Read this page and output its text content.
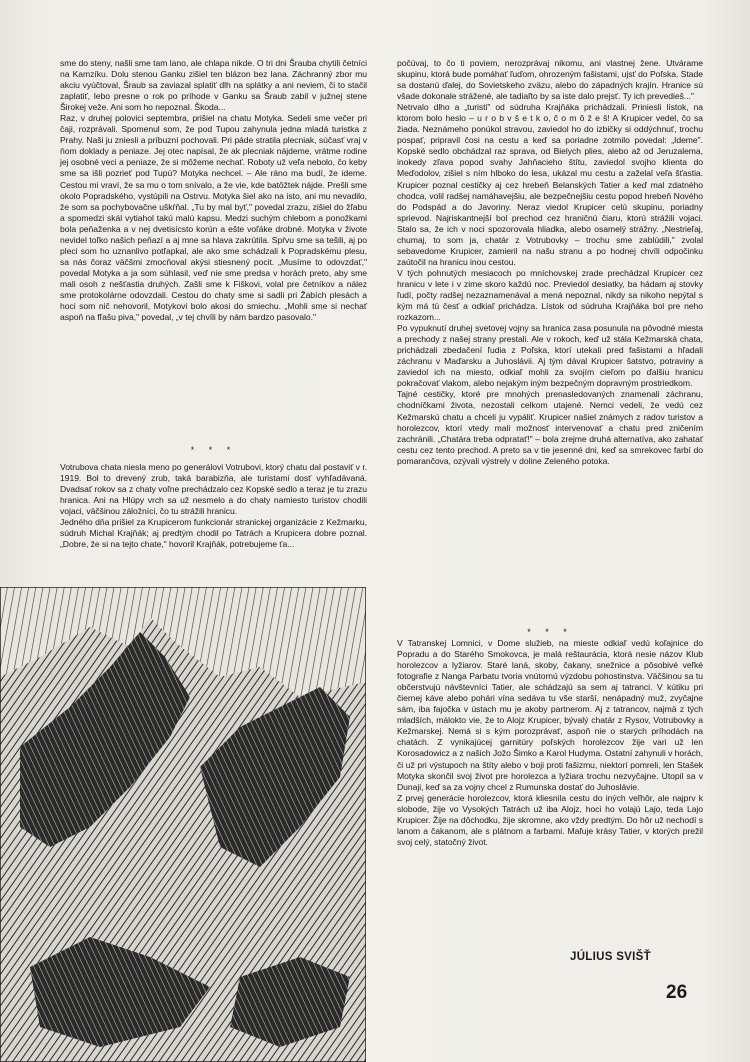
sme do steny, našli sme tam lano, ale chlapa nikde. O tri dni Šrauba chytili četníci na Kamzíku. Dolu stenou Ganku zišiel ten blázon bez lana. Záchranný zbor mu akciu vyúčtoval, Šraub sa zaviazal splatiť dlh na splátky a ani neviem, či to stačil zaplatiť, lebo presne o rok po príhode v Ganku sa Šraub zabil v južnej stene Širokej veže. Ani som ho nepoznal. Škoda...

Raz, v druhej polovici septembra, prišiel na chatu Motyka. Sedeli sme večer pri čaji, rozprávali. Spomenul som, že pod Tupou zahynula jedna mladá turistka z Prahy. Naši ju zniesli a príbuzní pochovali. Pri páde stratila plecniak, súčasť vraj v ňom doklady a peniaze. Jej otec napísal, že ak plecniak nájdeme, vrátme rodine jej osobné veci a peniaze, že si môžeme nechať. Roboty už veľa nebolo, čo keby sme sa išli pozrieť pod Tupú? Motyka nechcel. – Ale ráno ma budí, že ideme. Cestou mi vraví, že sa mu o tom snívalo, a že vie, kde batôžtek nájde. Prešli sme okolo Popradského, vystúpili na Ostrvu. Motyka šiel ako na isto, ani mu nevadilo, že som sa pochybovačne uškŕňal. „Tu by mal byť," povedal zrazu, zišiel do žľabu a spomedzi skál vytiahol takú malú kapsu. Medzi suchým chlebom a ponožkami bola peňaženka a v nej dvetisícsto korún a ešte voľáke drobné. Motyka v živote nevidel toľko našich peňazí a aj mne sa hlava zakrútila. Spŕvu sme sa tešili, aj po pleci som ho uznanlivo potľapkal, ale ako sme schádzali k Popradskému plesu, sa nás čoraz väčšmi zmocňoval akýsi stiesnený pocit. „Musíme to odovzdať," povedal Motyka a ja som súhlasil, veď nie sme predsa v horách preto, aby sme mali osoh z nešťastia druhých. Zašli sme k Fiškovi, volal pre četníkov a nález sme protokolárne odovzdali. Cestou do chaty sme si sadli pri Žabích plesách a hoci som nič nehovoril, Motykovi bolo akosi do smiechu. „Mohli sme si nechať aspoň na fľašu piva," povedal, „v tej chvíli by nám bardzo pasovalo."

* * *

Votrubova chata niesla meno po generálovi Votrubovi, ktorý chatu dal postaviť v r. 1919. Bol to drevený zrub, taká barabizňa, ale turistami dosť vyhľadávaná. Dvadsať rokov sa z chaty voľne prechádzalo cez Kopské sedlo a teraz je tu zrazu hranica. Ani na Hlúpy vrch sa už nesmelo a do chaty namiesto turistov chodili vojaci, väčšinou záložníci, čo tu strážili hranicu.

Jedného dňa prišiel za Krupicerom funkcionár stranickej organizácie z Kežmarku, súdruh Michal Krajňák; aj predtým chodil po Tatrách a Krupicera dobre poznal. „Dobre, že si na tejto chate," hovoril Krajňák, potrebujeme ťa...

počúvaj, to čo ti poviem, nerozprávaj nikomu, ani vlastnej žene. Utvárame skupinu, ktorá bude pomáhať ľuďom, ohrozeným fašistami, ujsť do Poľska. Stade sa dostanú ďalej, do Sovietskeho zväzu, alebo do západných krajín. Hranice sú všade dokonale strážené, ale tadiaľto by sa iste dalo prejsť. Ty ich prevedieš..."

Netrvalo dlho a „turisti" od súdruha Krajňáka prichádzali. Priniesli lístok, na ktorom bolo heslo – u r o b v š e t k o, č o m ô ž e š! A Krupicer vedel, čo sa žiada. Neznámeho ponúkol stravou, zaviedol ho do izbičky si oddýchnuť, trochu pospať, pripravil čosi na cestu a keď sa poriadne zotmilo povedal: „Ideme". Kopské sedlo obchádzal raz sprava, od Bielych plies, alebo až od Jeruzalema, inokedy zľava popod svahy Jahňacieho štítu, zaviedol svojho klienta do Meďodolov, zišiel s ním hlboko do lesa, ukázal mu cestu a zaželal veľa šťastia. Krupicer poznal cestičky aj cez hrebeň Belanských Tatier a keď mal zdatného chodca, volil radšej namáhavejšiu, ale bezpečnejšiu cestu popod hrebeň Nového do Podspád a do Javoriny. Neraz viedol Krupicer celú skupinu, poriadny sprievod. Najriskantnejší bol prechod cez hraničnú čiaru, ktorú strážili vojaci. Stalo sa, že ich v noci spozorovala hliadka, alebo osamelý strážny. „Nestrieľaj, chumaj, to som ja, chatár z Votrubovky – trochu sme zablúdili," zvolal sebavedome Krupicer, zamieril na našu stranu a po hodnej chvíli odpočinku zaútočil na hranicu inou cestou.

V tých pohnutých mesiacoch po mníchovskej zrade prechádzal Krupicer cez hranicu v lete i v zime skoro každú noc. Previedol desiatky, ba hádam aj stovky ľudí, počty radšej nezaznamenával a mená nepoznal, nikdy sa nikoho nepýtal s kým má tú česť a odkiaľ prichádza. Lístok od súdruha Krajňáka bol pre neho rozkazom...

Po vypuknutí druhej svetovej vojny sa hranica zasa posunula na pôvodné miesta a prechody z našej strany prestali. Ale v rokoch, keď už stála Kežmarská chata, prichádzali zbedačení ľudia z Poľska, ktorí utekali pred fašistami a hľadali záchranu v Maďarsku a Juhoslávii. Aj tým dával Krupicer šatstvo, potraviny a zaviedol ich na miesto, odkiaľ mohli za svojím cieľom po ďalšiu hranicu pokračovať vlakom, alebo nejakým iným bezpečným dopravným prostriedkom.

Tajné cestičky, ktoré pre mnohých prenasledovaných znamenali záchranu, chodníčkami života, nezostali celkom utajené. Nemci vedeli, že vedú cez Kežmarskú chatu a chceli ju vypáliť. Krupicer našiel známych z radov turistov a horolezcov, ktorí vtedy mali možnosť intervenovať a chatu pred zničením zachránili. „Chatára treba odpratať!" – bola zrejme druhá alternatíva, ako zahatať cestu cez tento prechod. A preto sa v tie jesenné dni, keď sa smrekovec farbí do pomarančova, ozývali výstrely v doline Zeleného potoka.

* * *

V Tatranskej Lomnici, v Dome služieb, na mieste odkiaľ vedú koľajnice do Popradu a do Starého Smokovca, je malá reštaurácia, ktorá nesie názov Klub horolezcov a lyžiarov. Staré laná, skoby, čakany, snežnice a pôsobivé veľké fotografie z Nanga Parbatu tvoria vnútornú výzdobu pohostinstva. Väčšinou sa tu občerstvujú návštevníci Tatier, ale schádzajú sa sem aj tatranci. V kútiku pri čiernej káve alebo pohári vína sedáva tu vše starší, nenápadný muž, zvyčajne sám, iba fajočka v ústach mu je akoby partnerom. Aj z tatrancov, najmä z tých mladších, málokto vie, že to Alojz Krupicer, bývalý chatár z Rysov, Votrubovky a Kežmarskej. Nemá si s kým porozprávať, aspoň nie o starých príhodách na chatách. Z vynikajúcej garnitúry poľských horolezcov žije vari už len Korosadowicz a z našich Jožo Šimko a Karol Hudyma. Ostatní zahynuli v horách, či už pri výstupoch na štíty alebo v boji proti fašizmu, niektorí pomreli, len Stašek Motyka skončil svoj život pre horolezca a lyžiara trochu nezvyčajne. Utopil sa v Dunaji, keď sa za vojny chcel z Rumunska dostať do Juhoslávie.

Z prvej generácie horolezcov, ktorá kliesnila cestu do iných veľhôr, ale najprv k slobode, žije vo Vysokých Tatrách už iba Alojz, hoci ho volajú Lajo, teda Lajo Krupicer. Žije na dôchodku, žije skromne, ako vždy predtým. Do hôr už nechodí s lanom a čakanom, ale s plátnom a farbami. Maľuje krásy Tatier, v ktorých prežil svoj celý, statočný život.

JÚLIUS SVIŠŤ
26
